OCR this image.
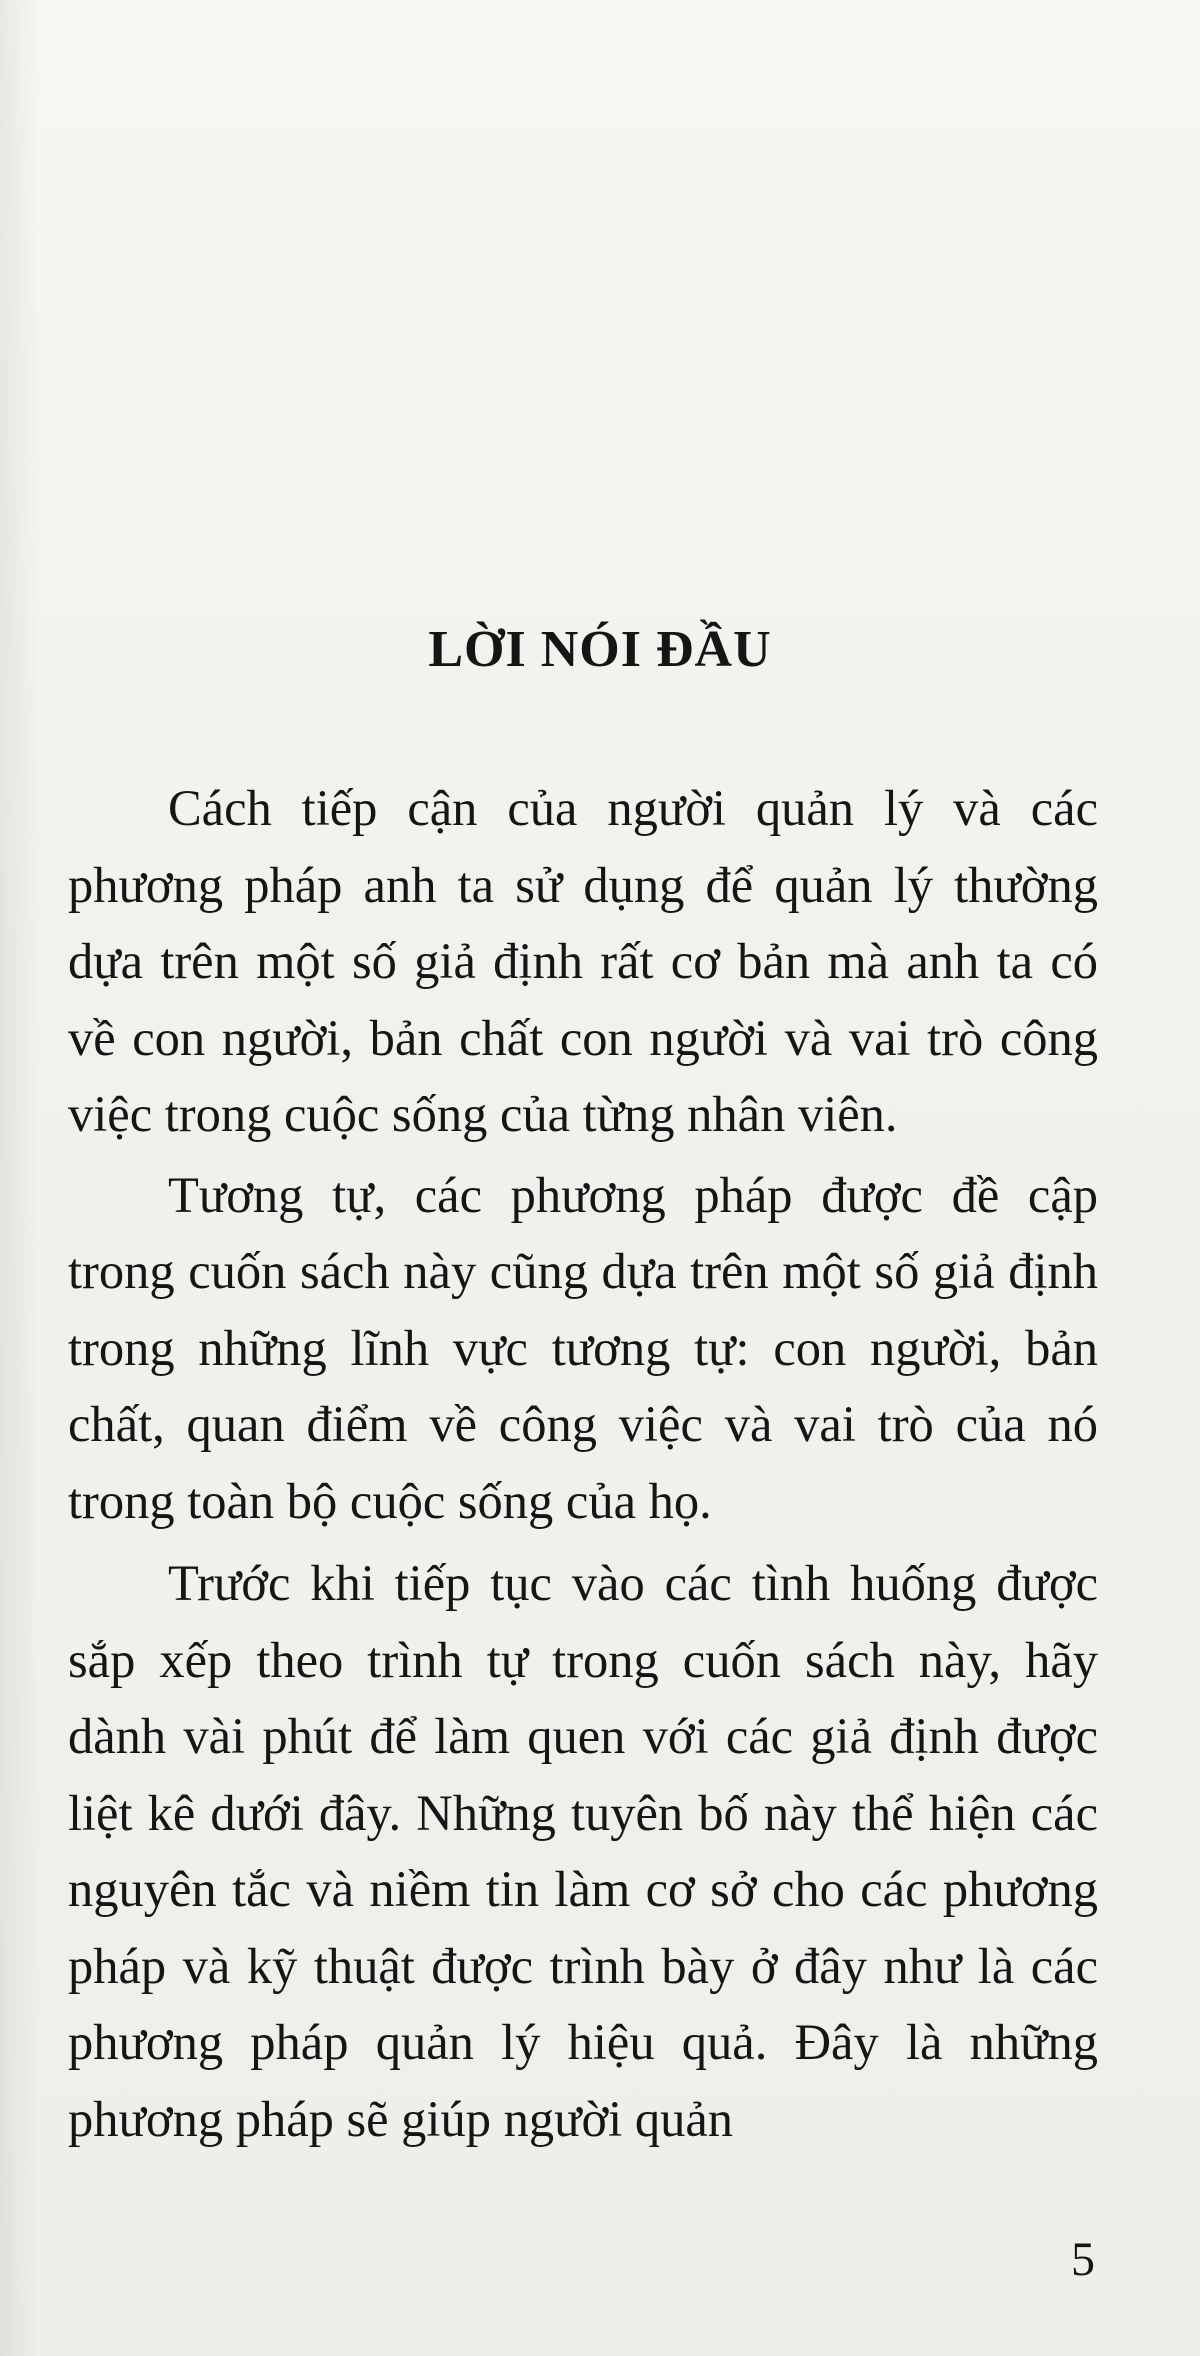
LỜI NÓI ĐẦU

Cách tiếp cận của người quản lý và các phương pháp anh ta sử dụng để quản lý thường dựa trên một số giả định rất cơ bản mà anh ta có về con người, bản chất con người và vai trò công việc trong cuộc sống của từng nhân viên.

Tương tự, các phương pháp được đề cập trong cuốn sách này cũng dựa trên một số giả định trong những lĩnh vực tương tự: con người, bản chất, quan điểm về công việc và vai trò của nó trong toàn bộ cuộc sống của họ.

Trước khi tiếp tục vào các tình huống được sắp xếp theo trình tự trong cuốn sách này, hãy dành vài phút để làm quen với các giả định được liệt kê dưới đây. Những tuyên bố này thể hiện các nguyên tắc và niềm tin làm cơ sở cho các phương pháp và kỹ thuật được trình bày ở đây như là các phương pháp quản lý hiệu quả. Đây là những phương pháp sẽ giúp người quản

5
